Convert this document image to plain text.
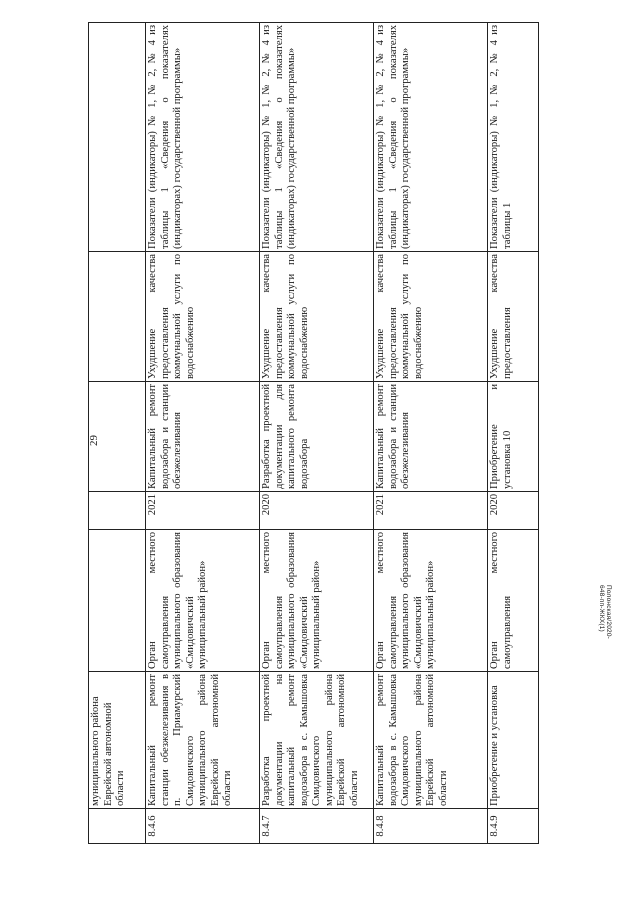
29
Полонская/2020-648-пп-ЖКХ(1)
	муниципального района Еврейской автономной области					
8.4.6	Капитальный ремонт станции обезжелезивания в п. Приамурский Смидовичского муниципального района Еврейской автономной области	Орган местного самоуправления муниципального образования «Смидовичский муниципальный район»	2021	Капитальный ремонт водозабора и станции обезжелезивания	Ухудшение качества предоставления коммунальной услуги по водоснабжению	Показатели (индикаторы) № 1, № 2, № 4 из таблицы 1 «Сведения о показателях (индикаторах) государственной программы»
8.4.7	Разработка проектной документации на капитальный ремонт водозабора в с. Камышовка Смидовичского муниципального района Еврейской автономной области	Орган местного самоуправления муниципального образования «Смидовичский муниципальный район»	2020	Разработка проектной документации для капитального ремонта водозабора	Ухудшение качества предоставления коммунальной услуги по водоснабжению	Показатели (индикаторы) № 1, № 2, № 4 из таблицы 1 «Сведения о показателях (индикаторах) государственной программы»
8.4.8	Капитальный ремонт водозабора в с. Камышовка Смидовичского муниципального района Еврейской автономной области	Орган местного самоуправления муниципального образования «Смидовичский муниципальный район»	2021	Капитальный ремонт водозабора и станции обезжелезивания	Ухудшение качества предоставления коммунальной услуги по водоснабжению	Показатели (индикаторы) № 1, № 2, № 4 из таблицы 1 «Сведения о показателях (индикаторах) государственной программы»
8.4.9	Приобретение и установка	Орган местного самоуправления	2020	Приобретение и установка 10	Ухудшение качества предоставления	Показатели (индикаторы) № 1, № 2, № 4 из таблицы 1
